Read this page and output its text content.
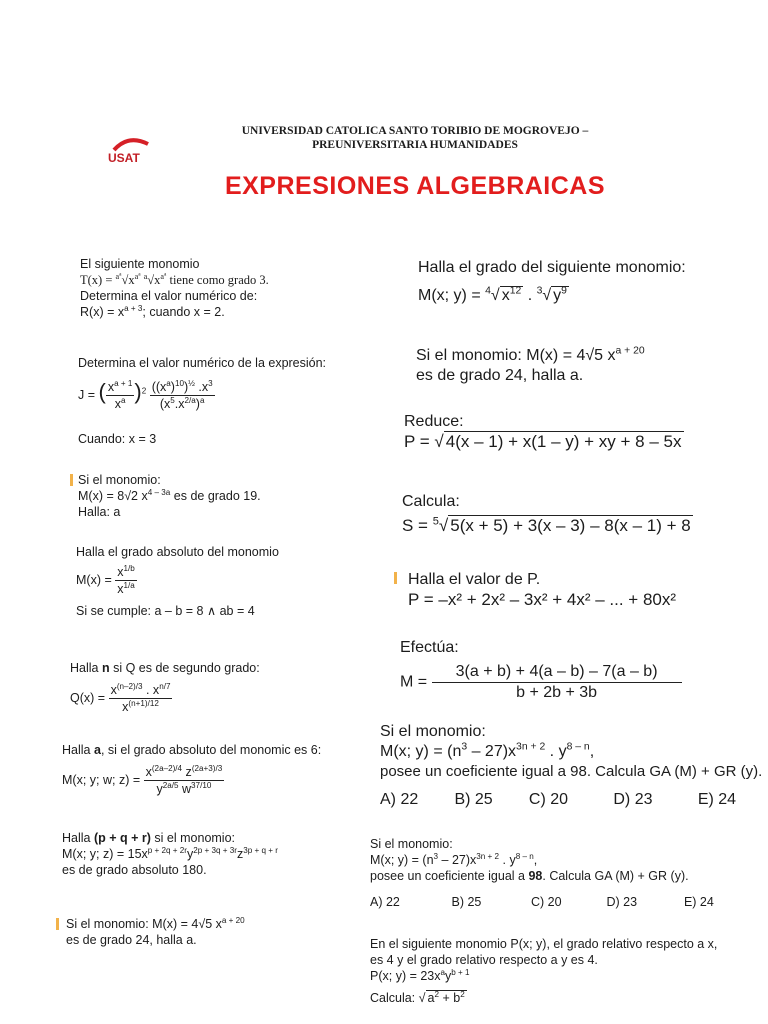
UNIVERSIDAD CATOLICA SANTO TORIBIO DE MOGROVEJO –
PREUNIVERSITARIA HUMANIDADES
USAT
EXPRESIONES ALGEBRAICAS
El siguiente monomio
$T(x) = ^{a^a}√x^{a^a}$ $^a√x^{a^a}$ tiene como grado 3.
Determina el valor numérico de:
$R(x) = x^{a + 3}$; cuando x = 2.
Determina el valor numérico de la expresión:
J = ( $\frac{x^{a + 1}}{x^a} )^2 \frac{((x^a)^{10})^{\frac{1}{2}} .x^3}{(x^5.x^{2/a})^a}$
Cuando: x = 3
Si el monomio:
M(x) = 8√2 $x^{4 - 3a}$ es de grado 19.
Halla: a
Halla el grado absoluto del monomio
$M(x) = \frac{x^{1/b}}{x^{1/a}}$
Si se cumple: a – b = 8 ∧ ab = 4
Halla n si Q es de segundo grado:
$Q(x) = \frac{x^{(n-2)/3} . x^{n/7}}{x^{(n+1)/12}}$
Halla a, si el grado absoluto del monomic es 6:
M(x; y; w; $z) = \frac{x^{(2a-2)/4} z^{(2a+3)/3}}{y^{2a/5} w^{37/10}}$
Halla (p + q + r) si el monomio:
M(x; y; $z) = 15x^{p + 2q + 2r}y^{2p + 3q + 3r}z^{3p + q + r}$
es de grado absoluto 180.
Si el monomio: M(x) = 4√5 $x^{a + 20}$
es de grado 24, halla a.
Halla el grado del siguiente monomio:
M(x; y) = $^4$√ $x^{12}$ . $^3$√ $y^9$
Si el monomio: M(x) = 4√5 $x^{a + 20}$
es de grado 24, halla a.
Reduce:
P = √ 4(x – 1) + x(1 – y) + xy + 8 – 5x
Calcula:
S = $^5$√ 5(x + 5) + 3(x – 3) – 8(x – 1) + 8
Halla el valor de P.
P = –x² + 2x² – 3x² + 4x² – ... + 80x²
Efectúa:
$M = \frac{3(a + b) + 4(a - b) - 7(a - b)}{b + 2b + 3b}$
Si el monomio:
M(x; $y) = (n^3 - 27)x^{3n + 2}$ . $y^{8 - n}$,
posee un coeficiente igual a 98. Calcula GA (M) + GR (y).
A) 22 B) 25 C) 20	D) 23	E) 24
Si el monomio:
M(x; $y) = (n^3 - 27)x^{3n + 2}$ . $y^{8 - n}$,
posee un coeficiente igual a 98. Calcula GA (M) + GR (y).
A) 22	B) 25	C) 20	D) 23	E) 24
En el siguiente monomio P(x; y), el grado relativo respecto a x,
es 4 y el grado relativo respecto a y es 4.
P(x; $y) = 23x^ay^{b + 1}$
Calcula: √ $a^2 + b^2$
